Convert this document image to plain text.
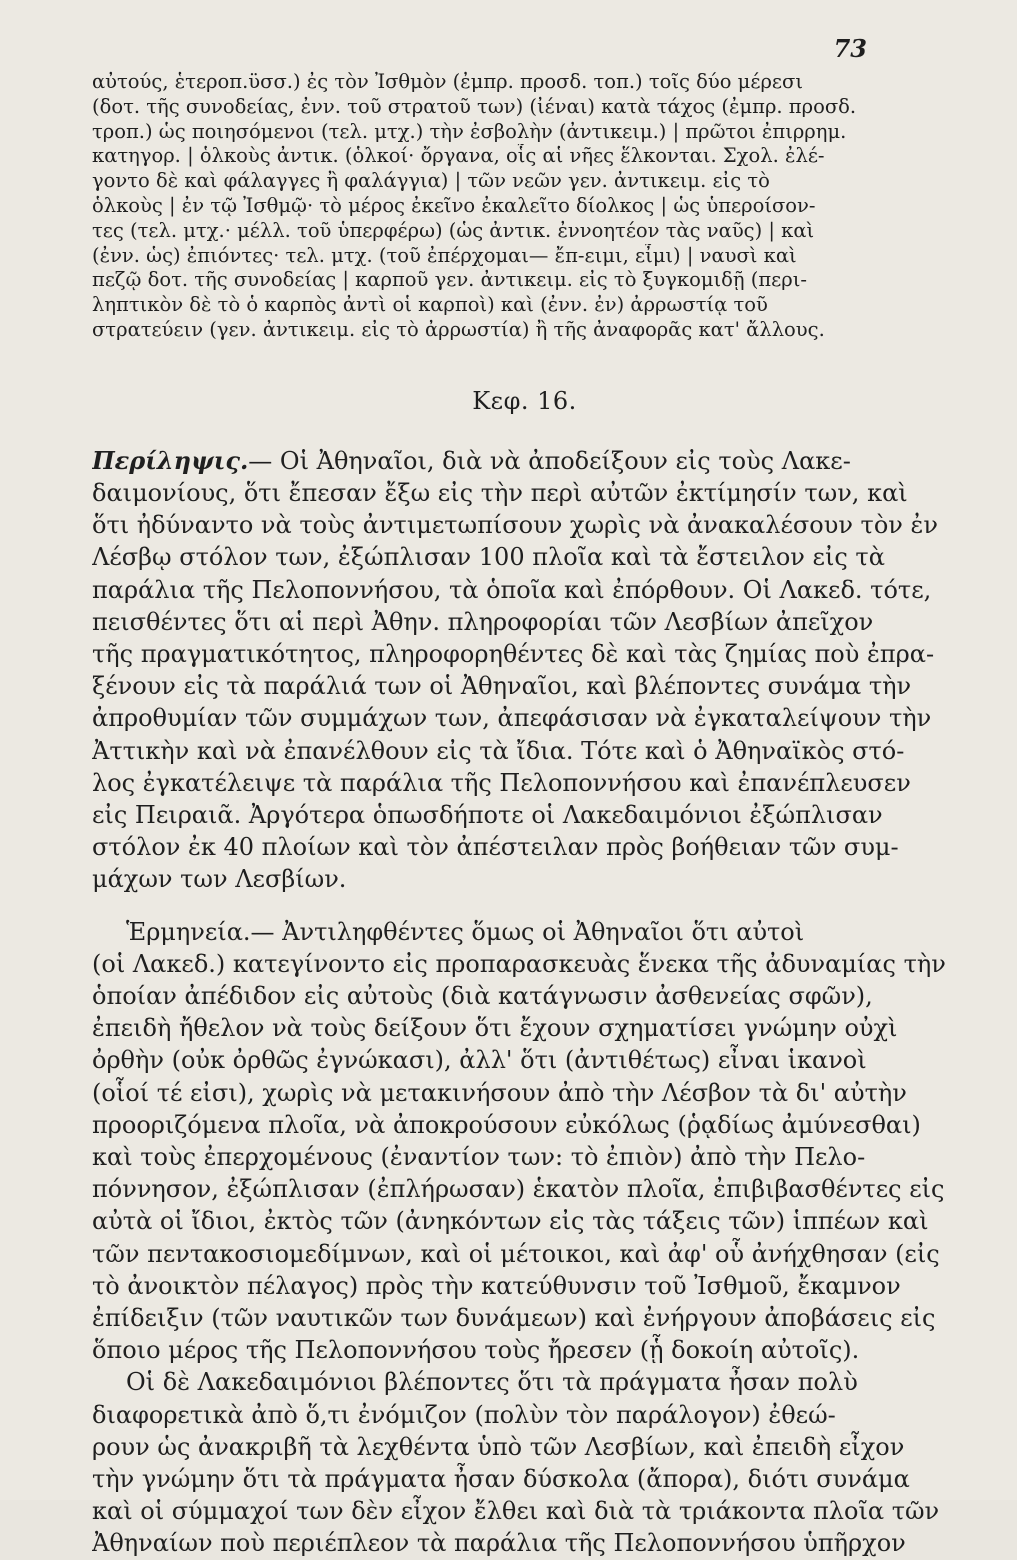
73
αὐτούς, ἑτεροπ.ϋσσ.) ἐς τὸν Ἰσθμὸν (ἐμπρ. προσδ. τοπ.) τοῖς δύο μέρεσι
(δοτ. τῆς συνοδείας, ἐνν. τοῦ στρατοῦ των) (ἰέναι) κατὰ τάχος (ἐμπρ. προσδ.
τροπ.) ὡς ποιησόμενοι (τελ. μτχ.) τὴν ἐσβολὴν (ἀντικειμ.) | πρῶτοι ἐπιρρημ.
κατηγορ. | ὁλκοὺς ἀντικ. (ὁλκοί· ὄργανα, οἷς αἱ νῆες ἕλκονται. Σχολ. ἐλέ-
γοντο δὲ καὶ φάλαγγες ἢ φαλάγγια) | τῶν νεῶν γεν. ἀντικειμ. εἰς τὸ
ὁλκοὺς | ἐν τῷ Ἰσθμῷ· τὸ μέρος ἐκεῖνο ἐκαλεῖτο δίολκος | ὡς ὑπεροίσον-
τες (τελ. μτχ.· μέλλ. τοῦ ὑπερφέρω) (ὡς ἀντικ. ἐννοητέον τὰς ναῦς) | καὶ
(ἐνν. ὡς) ἐπιόντες· τελ. μτχ. (τοῦ ἐπέρχομαι— ἔπ-ειμι, εἶμι) | ναυσὶ καὶ
πεζῷ δοτ. τῆς συνοδείας | καρποῦ γεν. ἀντικειμ. εἰς τὸ ξυγκομιδῇ (περι-
ληπτικὸν δὲ τὸ ὁ καρπὸς ἀντὶ οἱ καρποὶ) καὶ (ἐνν. ἐν) ἀρρωστίᾳ τοῦ
στρατεύειν (γεν. ἀντικειμ. εἰς τὸ ἀρρωστία) ἢ τῆς ἀναφορᾶς κατ' ἄλλους.
Κεφ. 16.
Περίληψις.— Οἱ Ἀθηναῖοι, διὰ νὰ ἀποδείξουν εἰς τοὺς Λακε-
δαιμονίους, ὅτι ἔπεσαν ἔξω εἰς τὴν περὶ αὐτῶν ἐκτίμησίν των, καὶ
ὅτι ἠδύναντο νὰ τοὺς ἀντιμετωπίσουν χωρὶς νὰ ἀνακαλέσουν τὸν ἐν
Λέσβῳ στόλον των, ἐξώπλισαν 100 πλοῖα καὶ τὰ ἔστειλον εἰς τὰ
παράλια τῆς Πελοποννήσου, τὰ ὁποῖα καὶ ἐπόρθουν. Οἱ Λακεδ. τότε,
πεισθέντες ὅτι αἱ περὶ Ἀθην. πληροφορίαι τῶν Λεσβίων ἀπεῖχον
τῆς πραγματικότητος, πληροφορηθέντες δὲ καὶ τὰς ζημίας ποὺ ἐπρα-
ξένουν εἰς τὰ παράλιά των οἱ Ἀθηναῖοι, καὶ βλέποντες συνάμα τὴν
ἀπροθυμίαν τῶν συμμάχων των, ἀπεφάσισαν νὰ ἐγκαταλείψουν τὴν
Ἀττικὴν καὶ νὰ ἐπανέλθουν εἰς τὰ ἴδια. Τότε καὶ ὁ Ἀθηναϊκὸς στό-
λος ἐγκατέλειψε τὰ παράλια τῆς Πελοποννήσου καὶ ἐπανέπλευσεν
εἰς Πειραιᾶ. Ἀργότερα ὁπωσδήποτε οἱ Λακεδαιμόνιοι ἐξώπλισαν
στόλον ἐκ 40 πλοίων καὶ τὸν ἀπέστειλαν πρὸς βοήθειαν τῶν συμ-
μάχων των Λεσβίων.
Ἑρμηνεία.— Ἀντιληφθέντες ὅμως οἱ Ἀθηναῖοι ὅτι αὐτοὶ
(οἱ Λακεδ.) κατεγίνοντο εἰς προπαρασκευὰς ἕνεκα τῆς ἀδυναμίας τὴν
ὁποίαν ἀπέδιδον εἰς αὐτοὺς (διὰ κατάγνωσιν ἀσθενείας σφῶν),
ἐπειδὴ ἤθελον νὰ τοὺς δείξουν ὅτι ἔχουν σχηματίσει γνώμην οὐχὶ
ὀρθὴν (οὐκ ὀρθῶς ἐγνώκασι), ἀλλ' ὅτι (ἀντιθέτως) εἶναι ἱκανοὶ
(οἷοί τέ εἰσι), χωρὶς νὰ μετακινήσουν ἀπὸ τὴν Λέσβον τὰ δι' αὐτὴν
προοριζόμενα πλοῖα, νὰ ἀποκρούσουν εὐκόλως (ῥᾳδίως ἀμύνεσθαι)
καὶ τοὺς ἐπερχομένους (ἐναντίον των: τὸ ἐπιὸν) ἀπὸ τὴν Πελο-
πόννησον, ἐξώπλισαν (ἐπλήρωσαν) ἑκατὸν πλοῖα, ἐπιβιβασθέντες εἰς
αὐτὰ οἱ ἴδιοι, ἐκτὸς τῶν (ἀνηκόντων εἰς τὰς τάξεις τῶν) ἱππέων καὶ
τῶν πεντακοσιομεδίμνων, καὶ οἱ μέτοικοι, καὶ ἀφ' οὗ ἀνήχθησαν (εἰς
τὸ ἀνοικτὸν πέλαγος) πρὸς τὴν κατεύθυνσιν τοῦ Ἰσθμοῦ, ἔκαμνον
ἐπίδειξιν (τῶν ναυτικῶν των δυνάμεων) καὶ ἐνήργουν ἀποβάσεις εἰς
ὅποιο μέρος τῆς Πελοποννήσου τοὺς ἤρεσεν (ᾗ δοκοίη αὐτοῖς).
Οἱ δὲ Λακεδαιμόνιοι βλέποντες ὅτι τὰ πράγματα ἦσαν πολὺ
διαφορετικὰ ἀπὸ ὅ,τι ἐνόμιζον (πολὺν τὸν παράλογον) ἐθεώ-
ρουν ὡς ἀνακριβῆ τὰ λεχθέντα ὑπὸ τῶν Λεσβίων, καὶ ἐπειδὴ εἶχον
τὴν γνώμην ὅτι τὰ πράγματα ἦσαν δύσκολα (ἄπορα), διότι συνάμα
καὶ οἱ σύμμαχοί των δὲν εἶχον ἔλθει καὶ διὰ τὰ τριάκοντα πλοῖα τῶν
Ἀθηναίων ποὺ περιέπλεον τὰ παράλια τῆς Πελοποννήσου ὑπῆρχον
